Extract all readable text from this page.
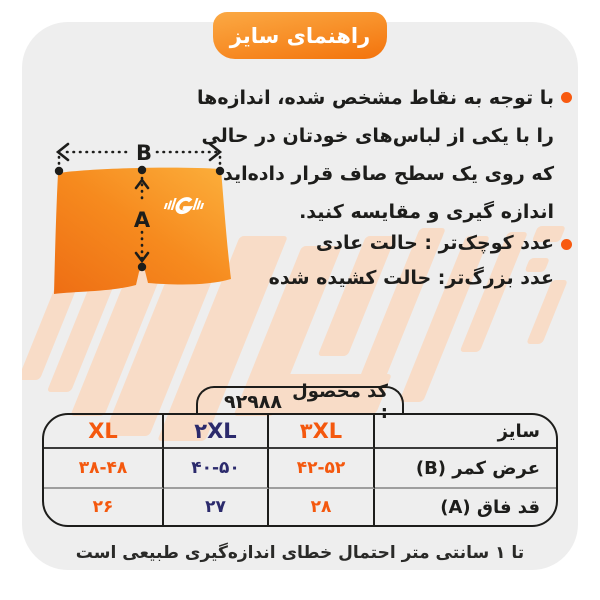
راهنمای سایز
B
A
با توجه به نقاط مشخص شده، اندازه‌ها
را با یکی از لباس‌های خودتان در حالی
که روی یک سطح صاف قرار داده‌اید
اندازه گیری و مقایسه کنید.
عدد کوچک‌تر : حالت عادی
عدد بزرگ‌تر: حالت کشیده شده
کد محصول :
۹۲۹۸۸
سایز
۳XL
۲XL
XL
عرض کمر (B)
۴۲-۵۲
۴۰-۵۰
۳۸-۴۸
قد فاق (A)
۲۸
۲۷
۲۶
تا ۱ سانتی متر احتمال خطای اندازه‌گیری طبیعی است
